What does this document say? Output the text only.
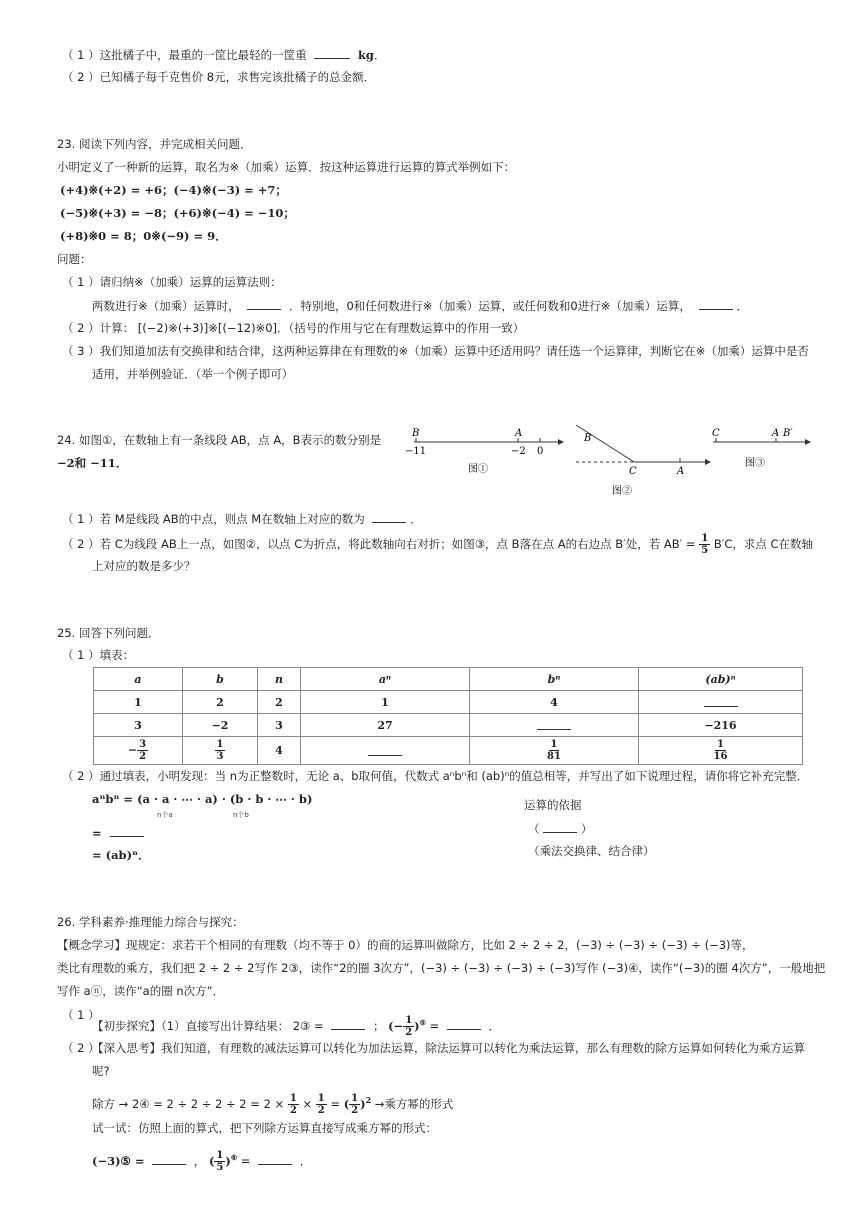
（ 1 ）这批橘子中，最重的一筐比最轻的一筐重	kg．
（ 2 ）已知橘子每千克售价 8元，求售完该批橘子的总金额．
23. 阅读下列内容，并完成相关问题．
小明定义了一种新的运算，取名为※（加乘）运算．按这种运算进行运算的算式举例如下：
(+4)※(+2) = +6；(−4)※(−3) = +7；
(−5)※(+3) = −8；(+6)※(−4) = −10；
(+8)※0 = 8；0※(−9) = 9．
问题：
（ 1 ）请归纳※（加乘）运算的运算法则：
两数进行※（加乘）运算时，	．特别地，0和任何数进行※（加乘）运算，或任何数和0进行※（加乘）运算，	．
（ 2 ）计算： [(−2)※(+3)]※[(−12)※0]．（括号的作用与它在有理数运算中的作用一致）
（ 3 ）我们知道加法有交换律和结合律，这两种运算律在有理数的※（加乘）运算中还适用吗？请任选一个运算律，判断它在※（加乘）运算中是否
适用，并举例验证．（举一个例子即可）
24. 如图①，在数轴上有一条线段 AB，点 A，B表示的数分别是
−2和 −11．
B	A
−11	−2 0
图①
B
C	A
图②
C	A B′
图③
（ 1 ）若 M是线段 AB的中点，则点 M在数轴上对应的数为	．
（ 2 ）若 C为线段 AB上一点，如图②，以点 C为折点，将此数轴向右对折；如图③，点 B落在点 A的右边点 B′处，若 $AB' = \frac{1}{5} B'C$，求点 C在数轴
上对应的数是多少？
25. 回答下列问题．
（ 1 ）填表：
a	b	n	aⁿ	bⁿ	(ab)ⁿ
1	2	2	1	4	
3	−2	3	27		−216
− $\frac{3}{2}$	$\frac{1}{3}$	4		$\frac{1}{81}$	$\frac{1}{16}$
（ 2 ）通过填表，小明发现：当 n为正整数时，无论 a、b取何值，代数式 aⁿbⁿ和 (ab)ⁿ的值总相等，并写出了如下说理过程，请你将它补充完整．
aⁿbⁿ = (a · a · ⋯ · a) · (b · b · ⋯ · b)
n个a	n个b
=
= (ab)ⁿ．
运算的依据
（	）
（乘法交换律、结合律）
26. 学科素养·推理能力综合与探究：
【概念学习】现规定：求若干个相同的有理数（均不等于 0）的商的运算叫做除方，比如 2 ÷ 2 ÷ 2，(−3) ÷ (−3) ÷ (−3) ÷ (−3)等，
类比有理数的乘方，我们把 2 ÷ 2 ÷ 2写作 2③，读作“2的圈 3次方”，(−3) ÷ (−3) ÷ (−3) ÷ (−3)写作 (−3)④，读作“(−3)的圈 4次方”，一般地把
写作 aⓝ，读作“a的圈 n次方”．
（ 1 ）
【初步探究】（1）直接写出计算结果： 2③ =	； (− $\frac{1}{2} )^⑤$ =	．
（ 2 ）
【深入思考】我们知道，有理数的减法运算可以转化为加法运算，除法运算可以转化为乘法运算，那么有理数的除方运算如何转化为乘方运算
呢?
除方 → 2④ = $2 \div 2 \div 2 \div 2 = 2 \times \frac{1}{2} \times \frac{1}{2}$ = ( $\frac{1}{2} )^2$ →乘方幂的形式
试一试：仿照上面的算式，把下列除方运算直接写成乘方幂的形式：
(−3)⑤ =	， ( $\frac{1}{5} )^⑥$ =	．
